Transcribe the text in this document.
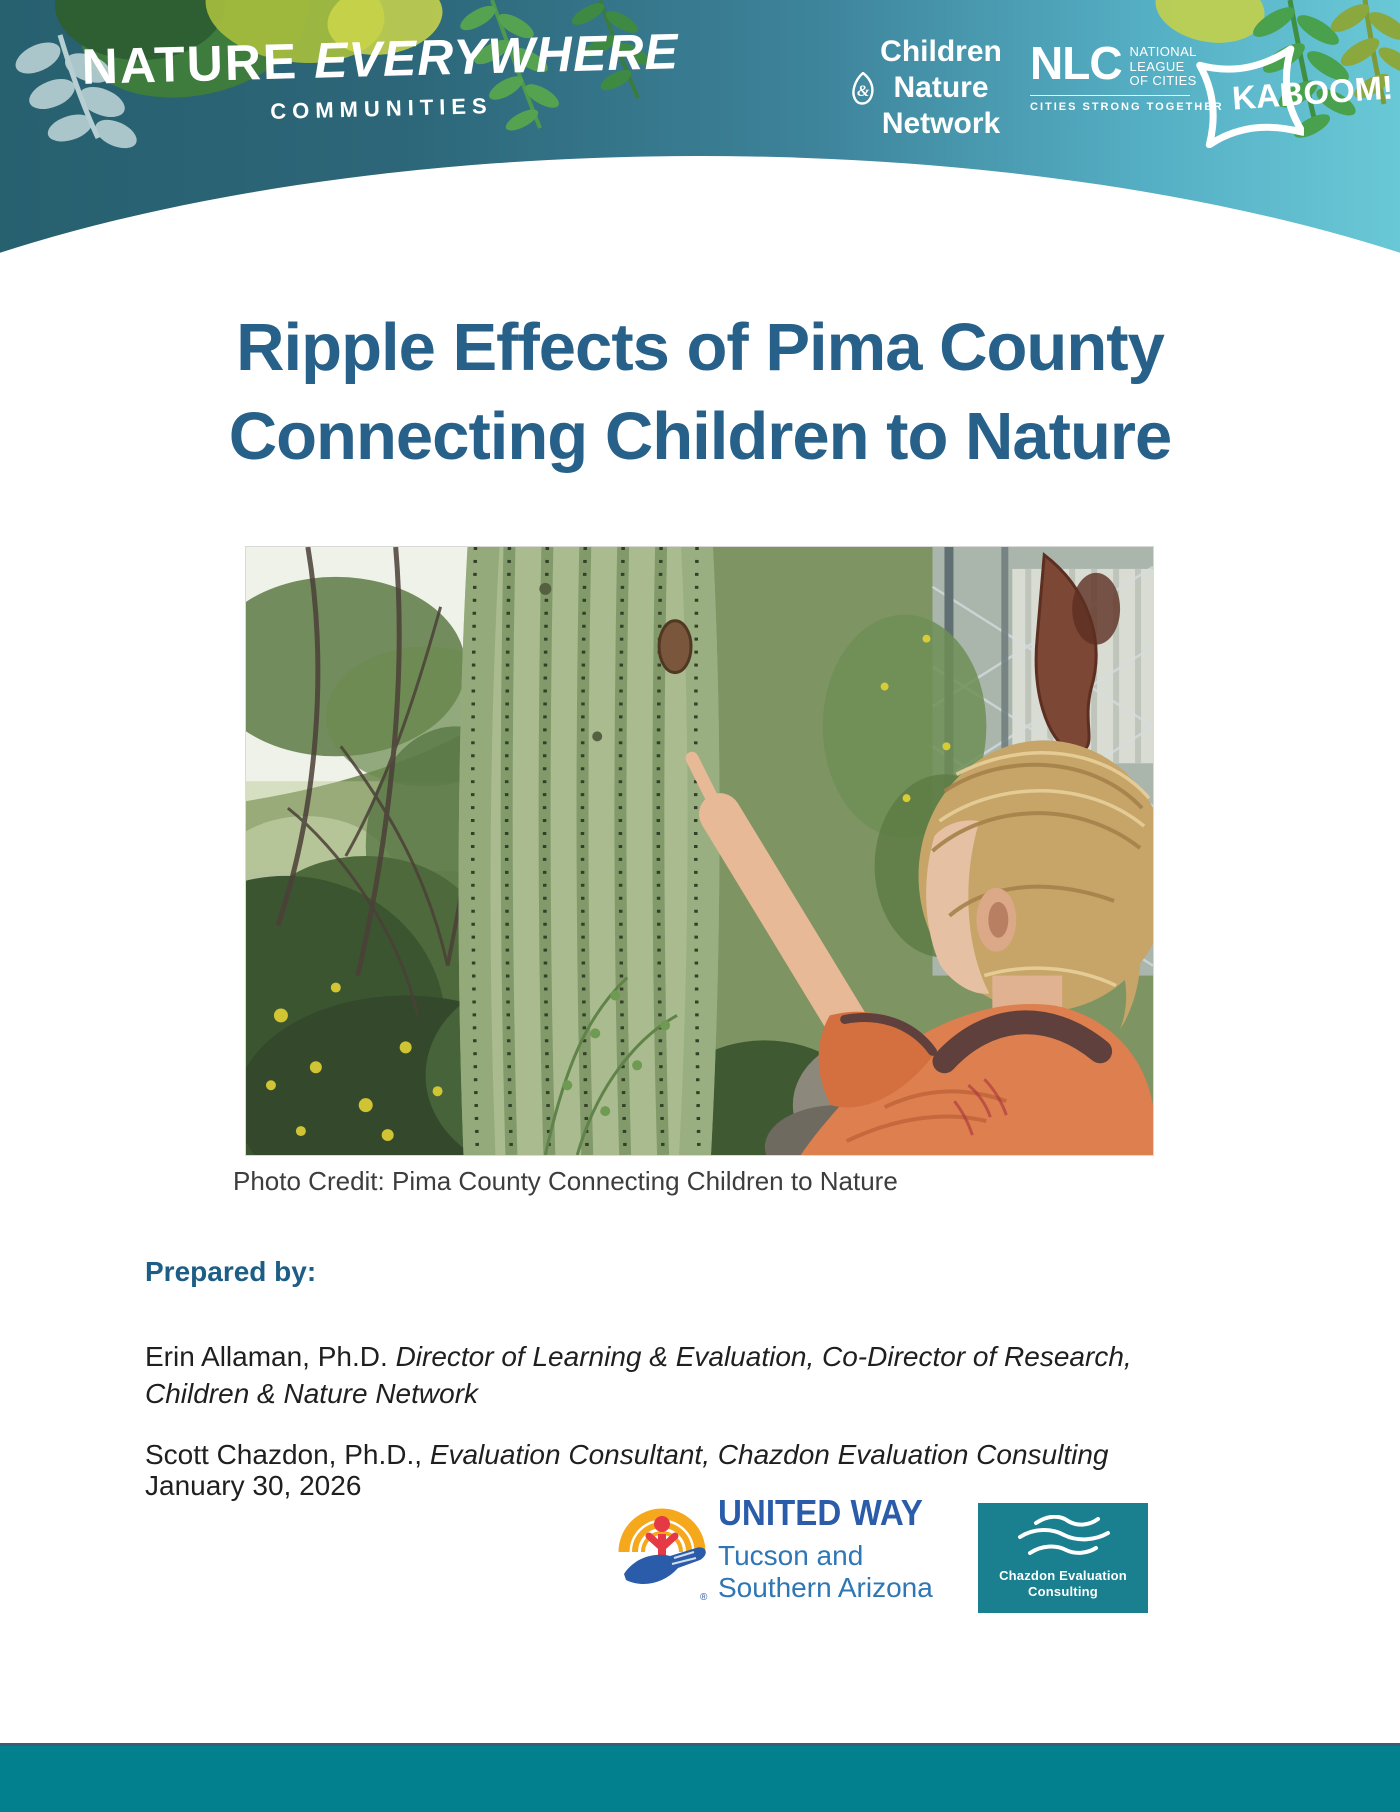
NATURE EVERYWHERE
COMMUNITIES
Children
& Nature
Network
NLC NATIONAL
LEAGUE
OF CITIES
CITIES STRONG TOGETHER KABOOM!
Ripple Effects of Pima County
Connecting Children to Nature
Photo Credit: Pima County Connecting Children to Nature
Prepared by:

Erin Allaman, Ph.D. Director of Learning & Evaluation, Co-Director of Research, Children & Nature Network

Scott Chazdon, Ph.D., Evaluation Consultant, Chazdon Evaluation Consulting

January 30, 2026
®
UNITED WAY
Tucson and
Southern Arizona	Chazdon Evaluation
Consulting
